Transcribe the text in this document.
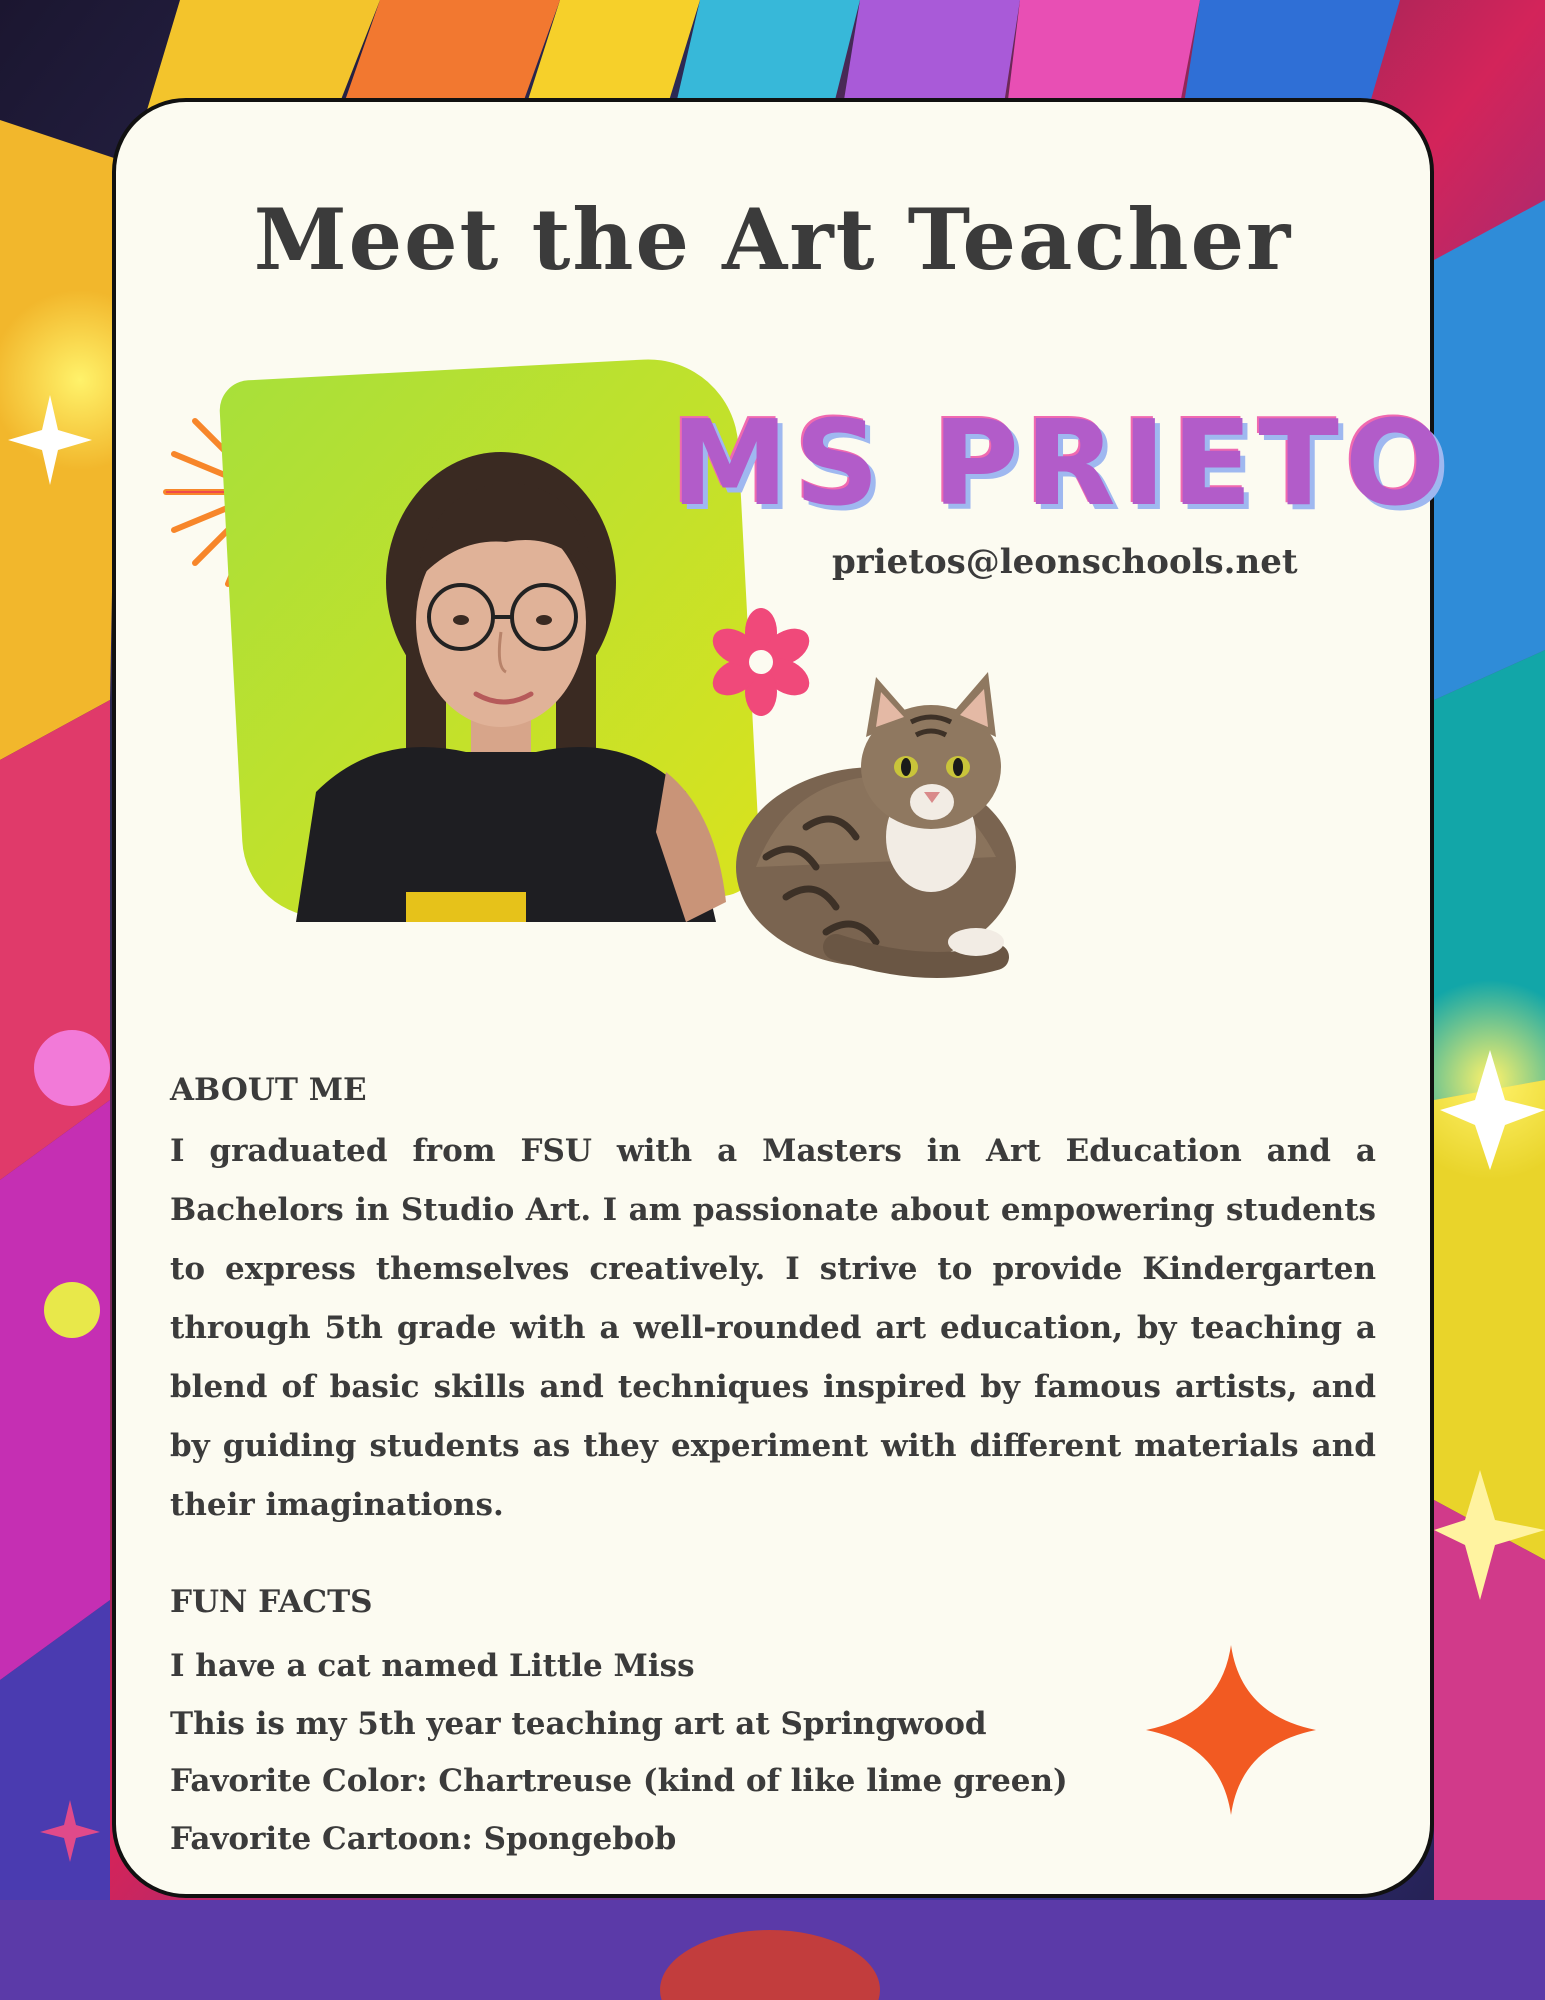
Meet the Art Teacher
MS PRIETO
prietos@leonschools.net
ABOUT ME

I graduated from FSU with a Masters in Art Education and a Bachelors in Studio Art. I am passionate about empowering students to express themselves creatively. I strive to provide Kindergarten through 5th grade with a well-rounded art education, by teaching a blend of basic skills and techniques inspired by famous artists, and by guiding students as they experiment with different materials and their imaginations.

FUN FACTS
I have a cat named Little Miss
This is my 5th year teaching art at Springwood
Favorite Color: Chartreuse (kind of like lime green)
Favorite Cartoon: Spongebob
